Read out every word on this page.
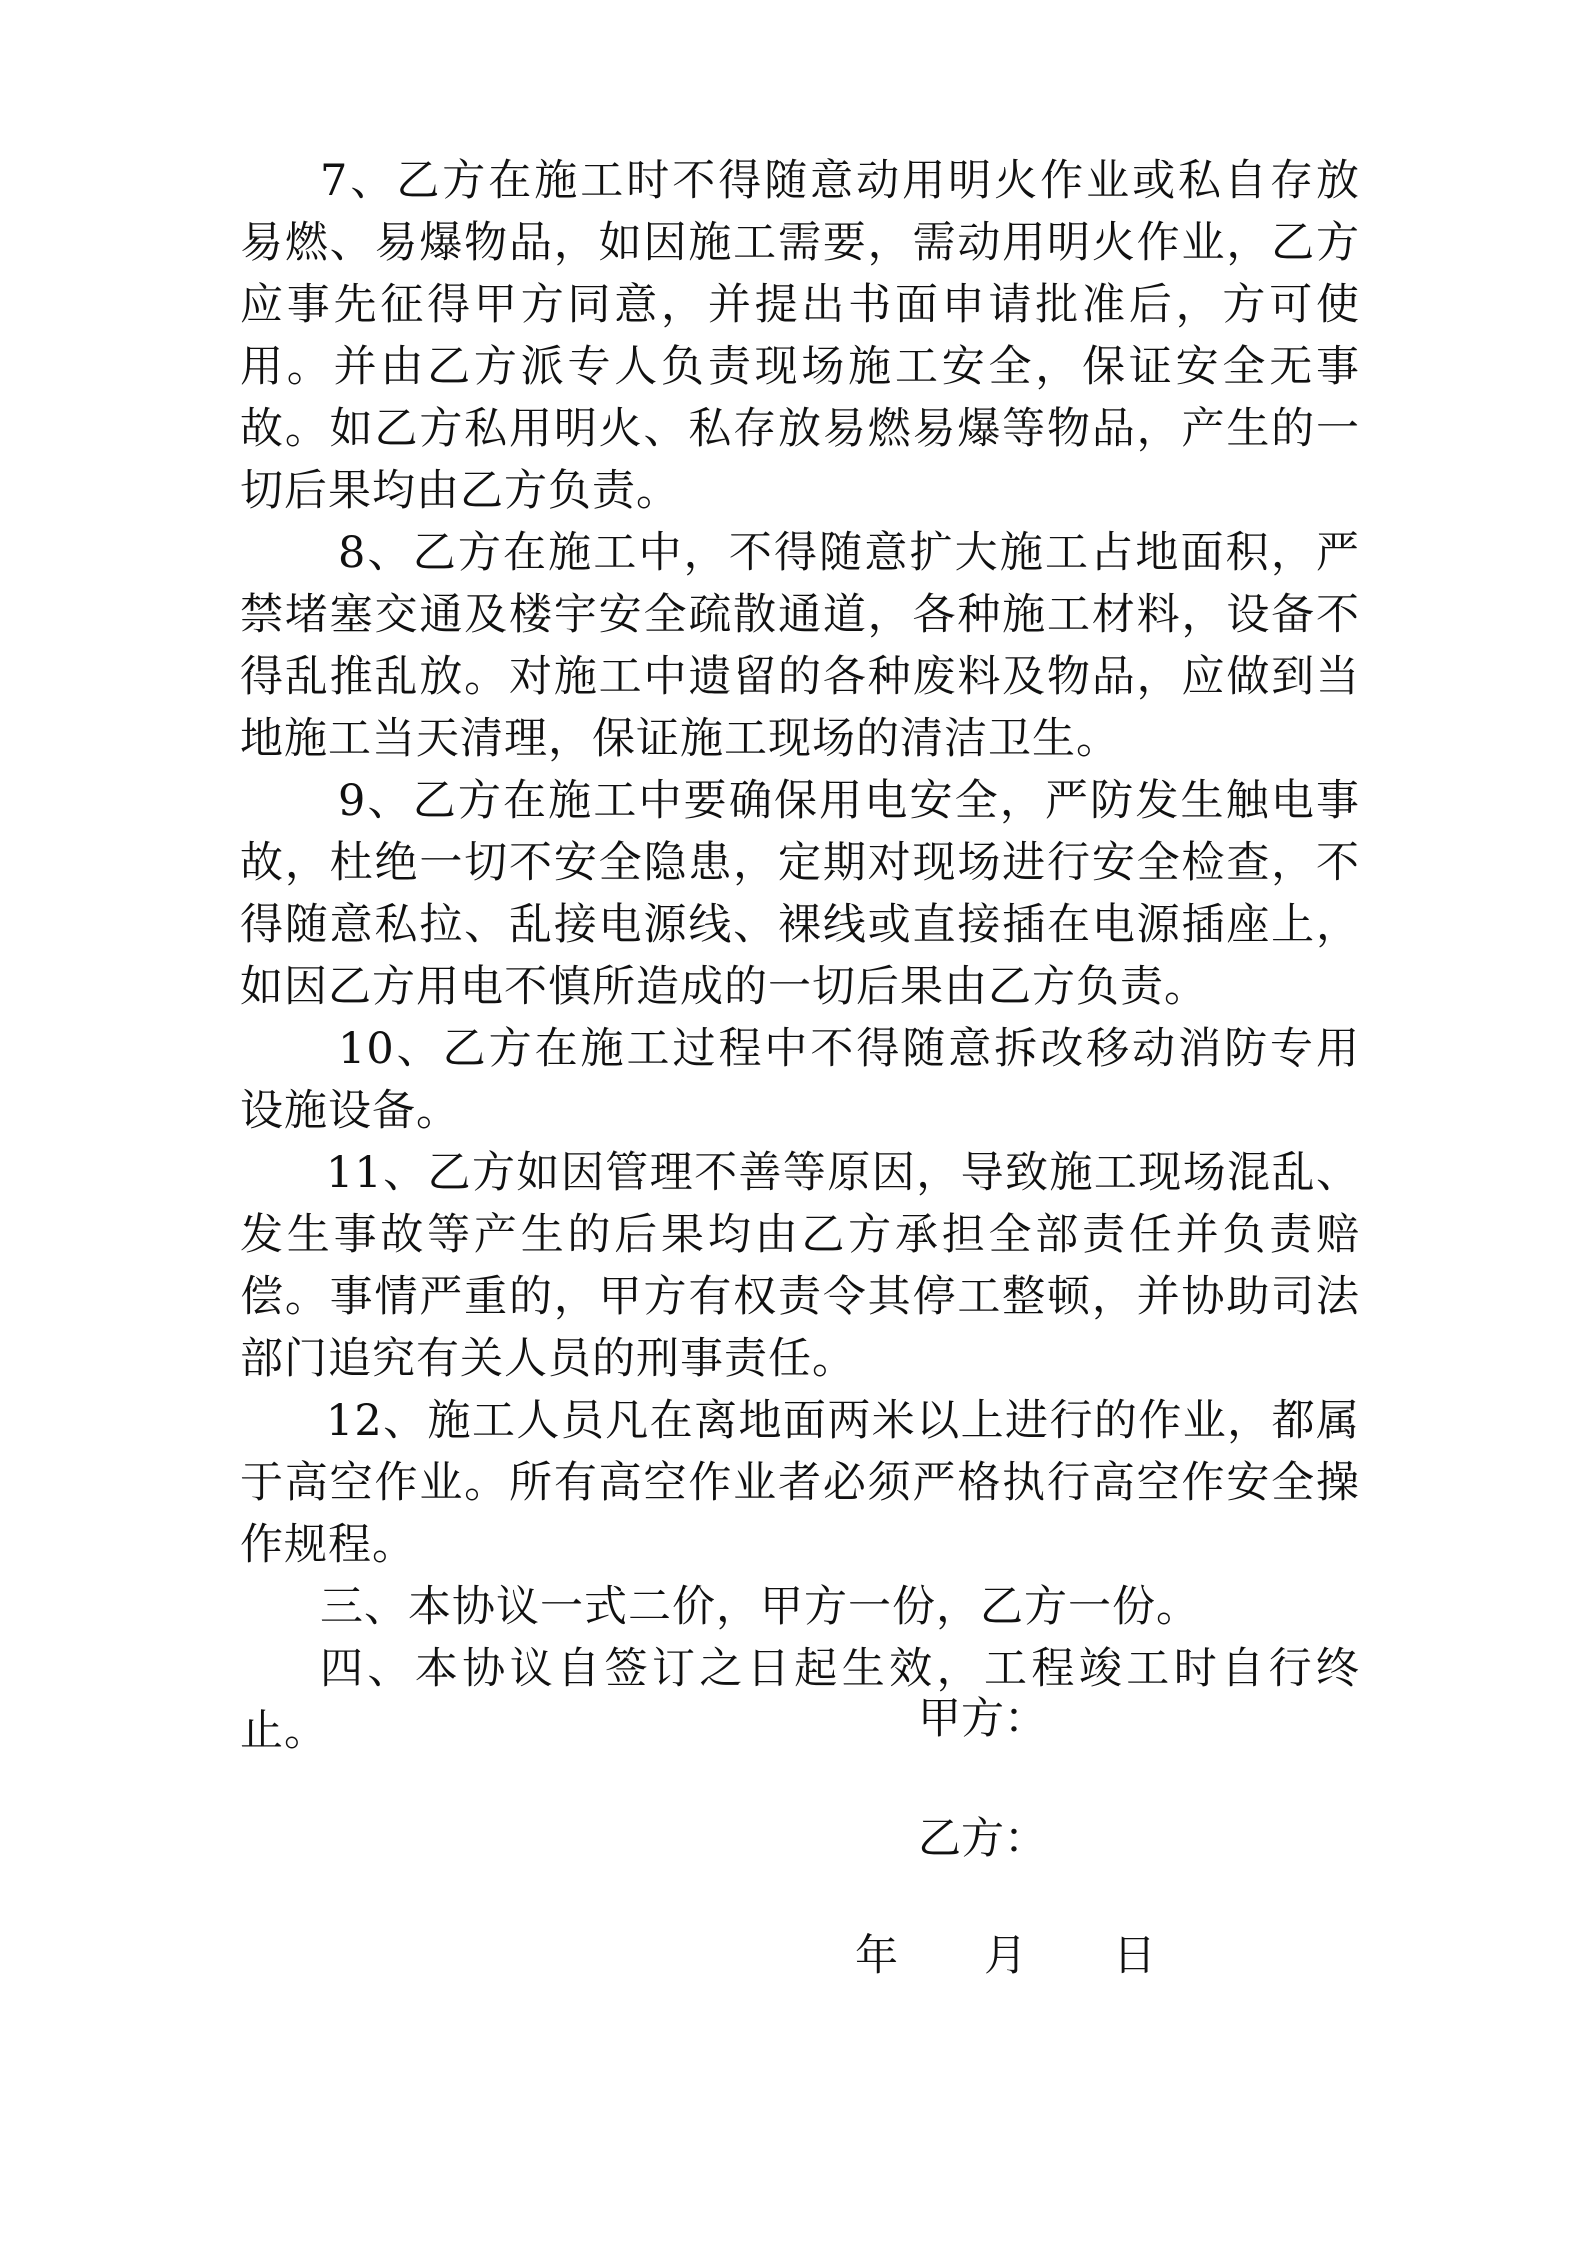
7、乙方在施工时不得随意动用明火作业或私自存放易燃、易爆物品，如因施工需要，需动用明火作业，乙方应事先征得甲方同意，并提出书面申请批准后，方可使用。并由乙方派专人负责现场施工安全，保证安全无事故。如乙方私用明火、私存放易燃易爆等物品，产生的一切后果均由乙方负责。

8、乙方在施工中，不得随意扩大施工占地面积，严禁堵塞交通及楼宇安全疏散通道，各种施工材料，设备不得乱推乱放。对施工中遗留的各种废料及物品，应做到当地施工当天清理，保证施工现场的清洁卫生。

9、乙方在施工中要确保用电安全，严防发生触电事故，杜绝一切不安全隐患，定期对现场进行安全检查，不得随意私拉、乱接电源线、裸线或直接插在电源插座上，如因乙方用电不慎所造成的一切后果由乙方负责。

10、乙方在施工过程中不得随意拆改移动消防专用设施设备。

11、乙方如因管理不善等原因，导致施工现场混乱、发生事故等产生的后果均由乙方承担全部责任并负责赔偿。事情严重的，甲方有权责令其停工整顿，并协助司法部门追究有关人员的刑事责任。

12、施工人员凡在离地面两米以上进行的作业，都属于高空作业。所有高空作业者必须严格执行高空作安全操作规程。

三、本协议一式二价，甲方一份，乙方一份。

四、本协议自签订之日起生效，工程竣工时自行终止。	甲方：
乙方：
年 月 日
